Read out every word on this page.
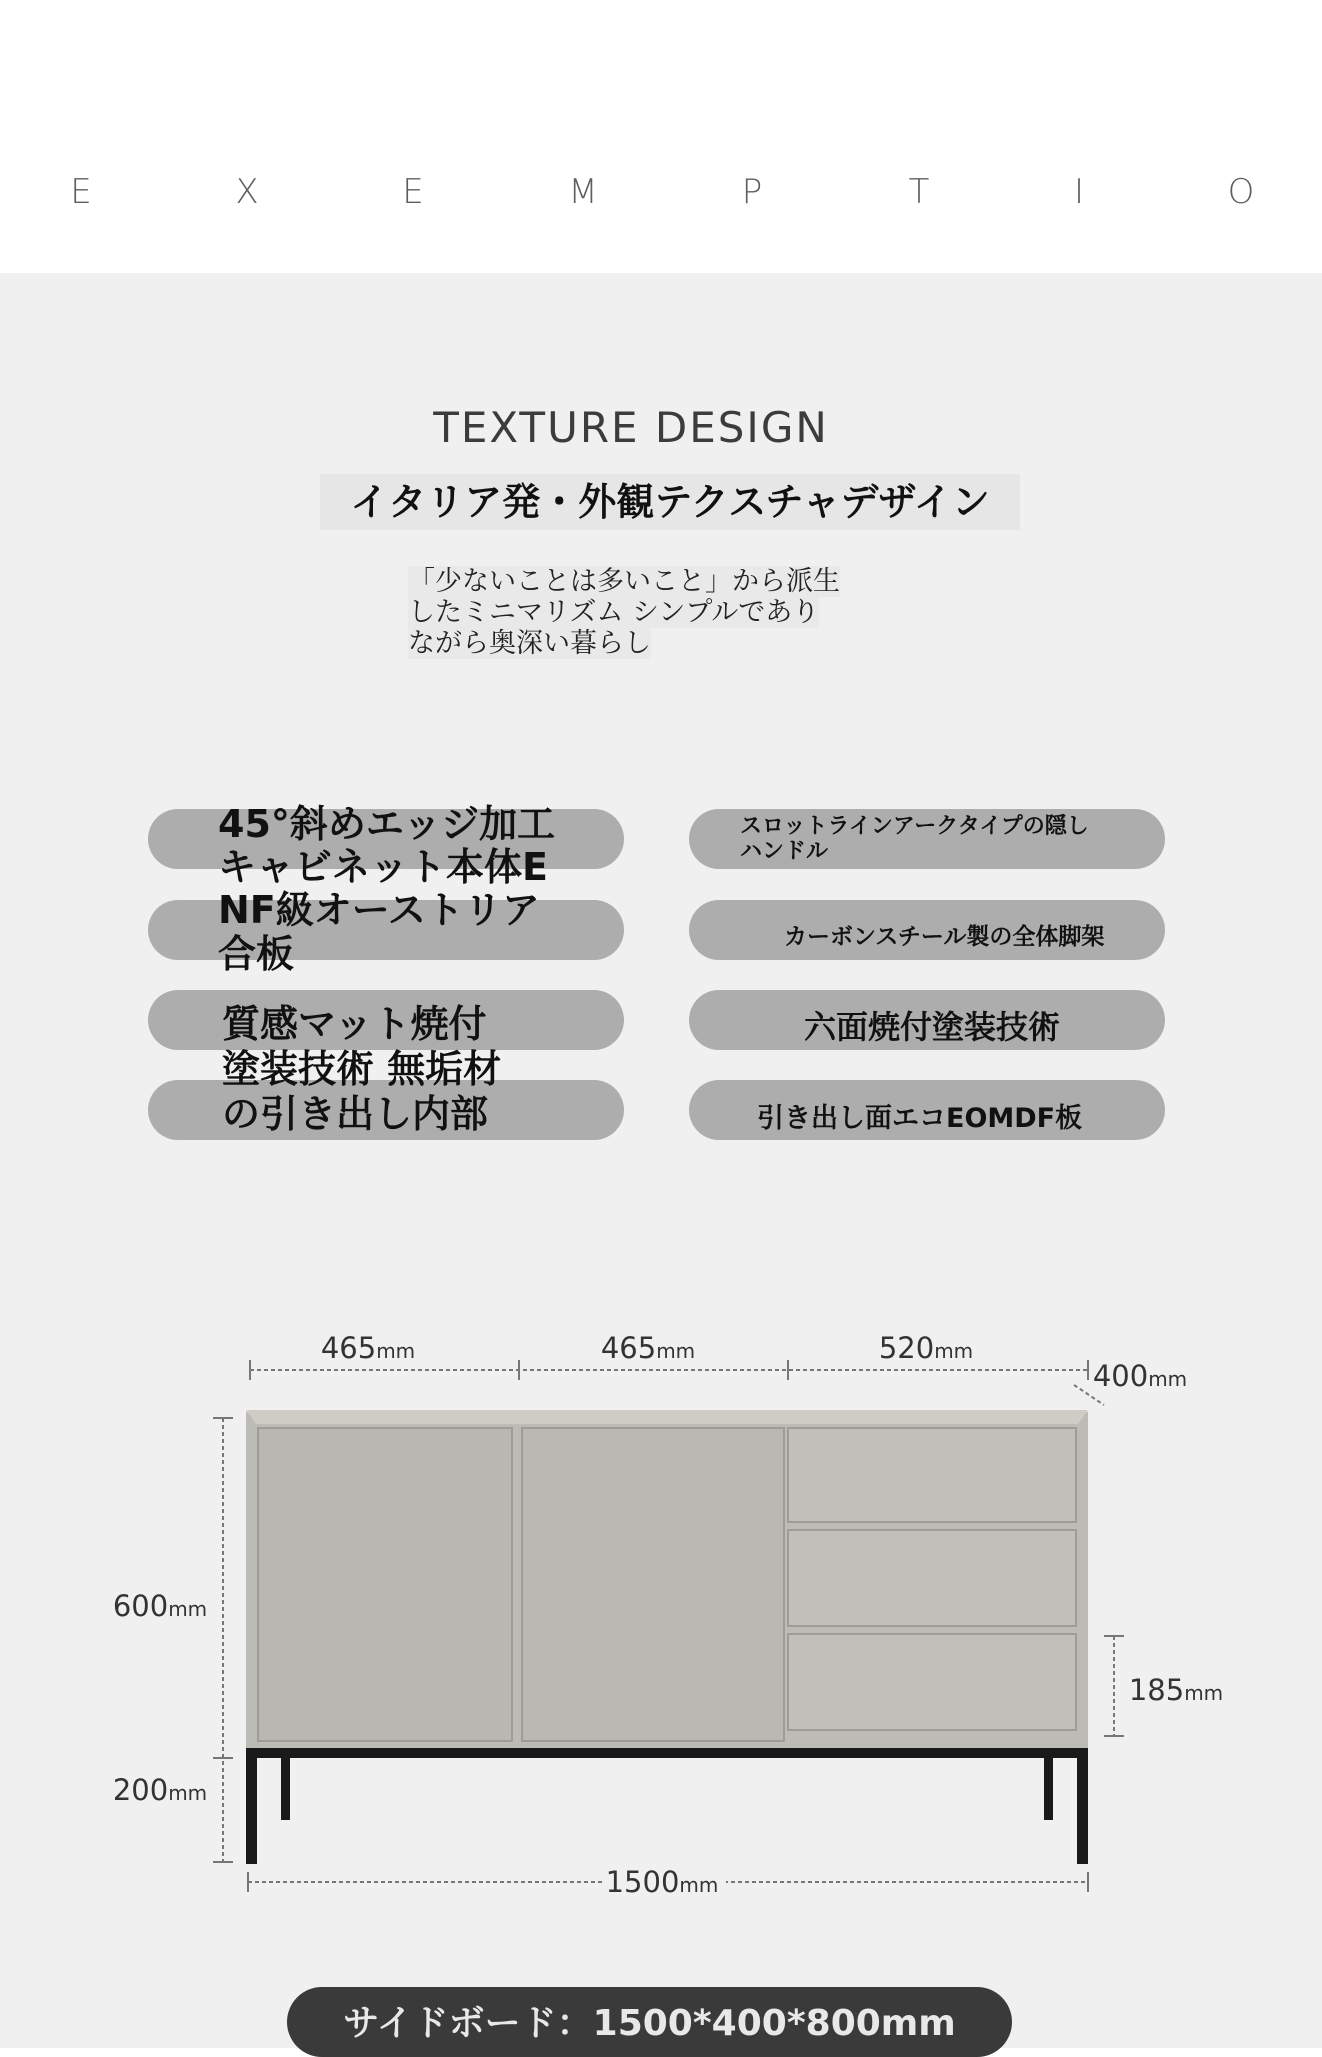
E	X	E	M	P	T	I	O
TEXTURE DESIGN
イタリア発・外観テクスチャデザイン
「少ないことは多いこと」から派生
したミニマリズム シンプルであり
ながら奥深い暮らし
45°斜めエッジ加工
キャビネット本体E
NF級オーストリア
合板
質感マット焼付
塗装技術 無垢材
の引き出し内部
スロットラインアークタイプの隠し
ハンドル
カーボンスチール製の全体脚架
六面焼付塗装技術
引き出し面エコEOMDF板
465mm	465mm	520mm
400mm
600mm
200mm
185mm
1500mm
サイドボード：1500*400*800mm
